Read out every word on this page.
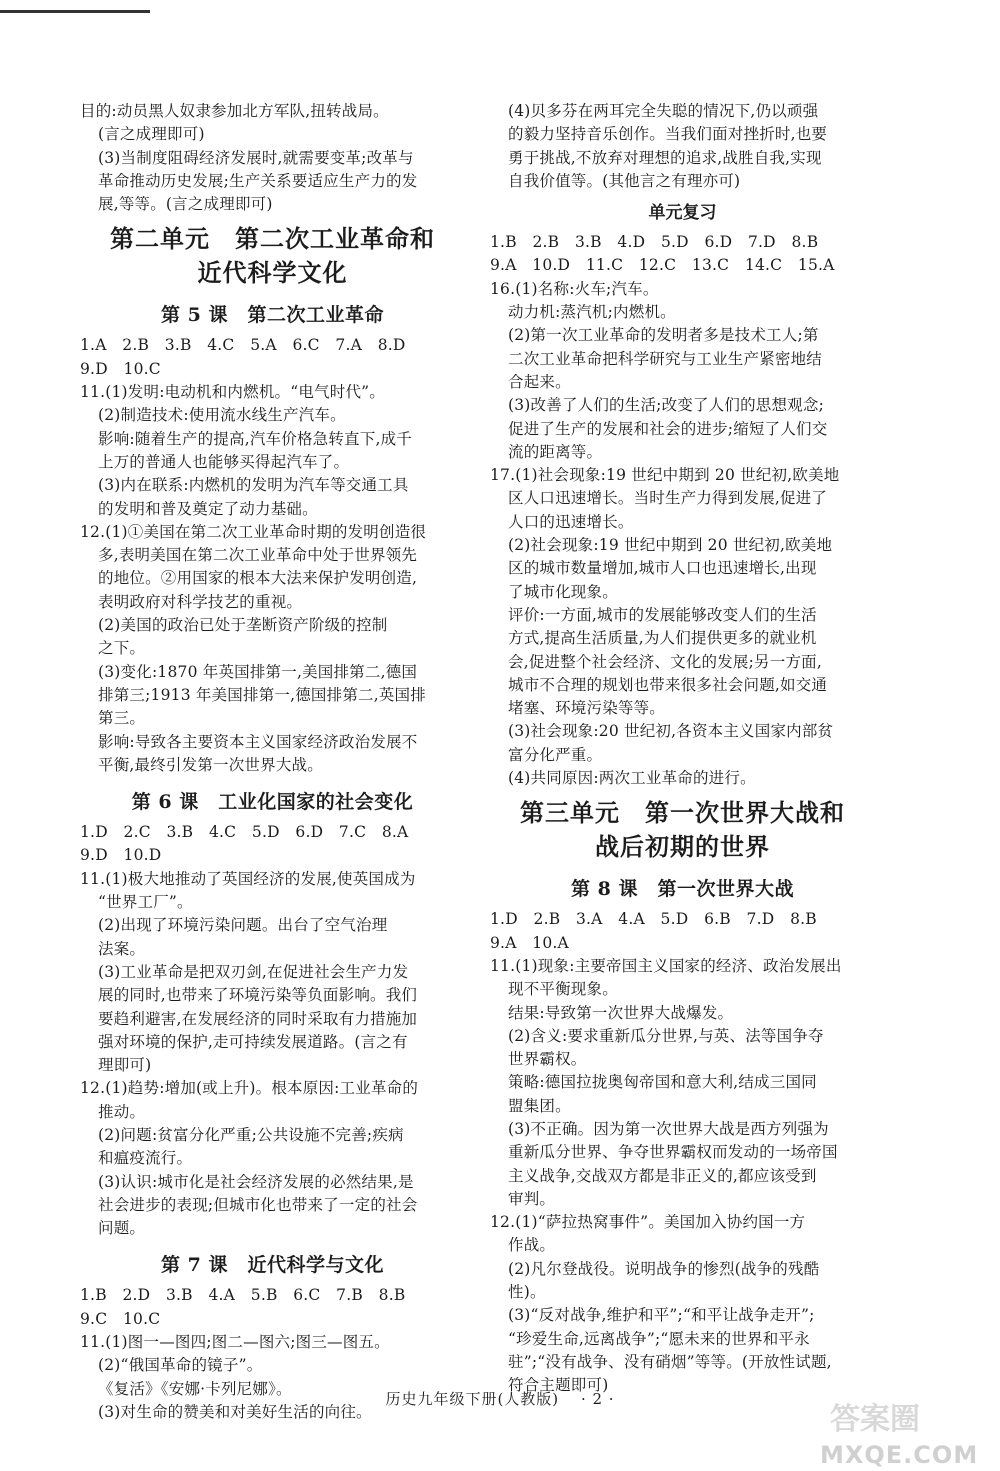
目的:动员黑人奴隶参加北方军队,扭转战局。
(言之成理即可)
(3)当制度阻碍经济发展时,就需要变革;改革与
革命推动历史发展;生产关系要适应生产力的发
展,等等。(言之成理即可)
第二单元　第二次工业革命和
近代科学文化
第 5 课　第二次工业革命
1.A　2.B　3.B　4.C　5.A　6.C　7.A　8.D
9.D　10.C
11.(1)发明:电动机和内燃机。“电气时代”。
(2)制造技术:使用流水线生产汽车。
影响:随着生产的提高,汽车价格急转直下,成千
上万的普通人也能够买得起汽车了。
(3)内在联系:内燃机的发明为汽车等交通工具
的发明和普及奠定了动力基础。
12.(1)①美国在第二次工业革命时期的发明创造很
多,表明美国在第二次工业革命中处于世界领先
的地位。②用国家的根本大法来保护发明创造,
表明政府对科学技艺的重视。
(2)美国的政治已处于垄断资产阶级的控制
之下。
(3)变化:1870 年英国排第一,美国排第二,德国
排第三;1913 年美国排第一,德国排第二,英国排
第三。
影响:导致各主要资本主义国家经济政治发展不
平衡,最终引发第一次世界大战。
第 6 课　工业化国家的社会变化
1.D　2.C　3.B　4.C　5.D　6.D　7.C　8.A
9.D　10.D
11.(1)极大地推动了英国经济的发展,使英国成为
“世界工厂”。
(2)出现了环境污染问题。出台了空气治理
法案。
(3)工业革命是把双刃剑,在促进社会生产力发
展的同时,也带来了环境污染等负面影响。我们
要趋利避害,在发展经济的同时采取有力措施加
强对环境的保护,走可持续发展道路。(言之有
理即可)
12.(1)趋势:增加(或上升)。根本原因:工业革命的
推动。
(2)问题:贫富分化严重;公共设施不完善;疾病
和瘟疫流行。
(3)认识:城市化是社会经济发展的必然结果,是
社会进步的表现;但城市化也带来了一定的社会
问题。
第 7 课　近代科学与文化
1.B　2.D　3.B　4.A　5.B　6.C　7.B　8.B
9.C　10.C
11.(1)图一—图四;图二—图六;图三—图五。
(2)“俄国革命的镜子”。
《复活》《安娜·卡列尼娜》。
(3)对生命的赞美和对美好生活的向往。
(4)贝多芬在两耳完全失聪的情况下,仍以顽强
的毅力坚持音乐创作。当我们面对挫折时,也要
勇于挑战,不放弃对理想的追求,战胜自我,实现
自我价值等。(其他言之有理亦可)
单元复习
1.B　2.B　3.B　4.D　5.D　6.D　7.D　8.B
9.A　10.D　11.C　12.C　13.C　14.C　15.A
16.(1)名称:火车;汽车。
动力机:蒸汽机;内燃机。
(2)第一次工业革命的发明者多是技术工人;第
二次工业革命把科学研究与工业生产紧密地结
合起来。
(3)改善了人们的生活;改变了人们的思想观念;
促进了生产的发展和社会的进步;缩短了人们交
流的距离等。
17.(1)社会现象:19 世纪中期到 20 世纪初,欧美地
区人口迅速增长。当时生产力得到发展,促进了
人口的迅速增长。
(2)社会现象:19 世纪中期到 20 世纪初,欧美地
区的城市数量增加,城市人口也迅速增长,出现
了城市化现象。
评价:一方面,城市的发展能够改变人们的生活
方式,提高生活质量,为人们提供更多的就业机
会,促进整个社会经济、文化的发展;另一方面,
城市不合理的规划也带来很多社会问题,如交通
堵塞、环境污染等等。
(3)社会现象:20 世纪初,各资本主义国家内部贫
富分化严重。
(4)共同原因:两次工业革命的进行。
第三单元　第一次世界大战和
战后初期的世界
第 8 课　第一次世界大战
1.D　2.B　3.A　4.A　5.D　6.B　7.D　8.B
9.A　10.A
11.(1)现象:主要帝国主义国家的经济、政治发展出
现不平衡现象。
结果:导致第一次世界大战爆发。
(2)含义:要求重新瓜分世界,与英、法等国争夺
世界霸权。
策略:德国拉拢奥匈帝国和意大利,结成三国同
盟集团。
(3)不正确。因为第一次世界大战是西方列强为
重新瓜分世界、争夺世界霸权而发动的一场帝国
主义战争,交战双方都是非正义的,都应该受到
审判。
12.(1)“萨拉热窝事件”。美国加入协约国一方
作战。
(2)凡尔登战役。说明战争的惨烈(战争的残酷
性)。
(3)“反对战争,维护和平”;“和平让战争走开”;
“珍爱生命,远离战争”;“愿未来的世界和平永
驻”;“没有战争、没有硝烟”等等。(开放性试题,
符合主题即可)
历史九年级下册(人教版) · 2 ·
答案圈
MXQE.COM
